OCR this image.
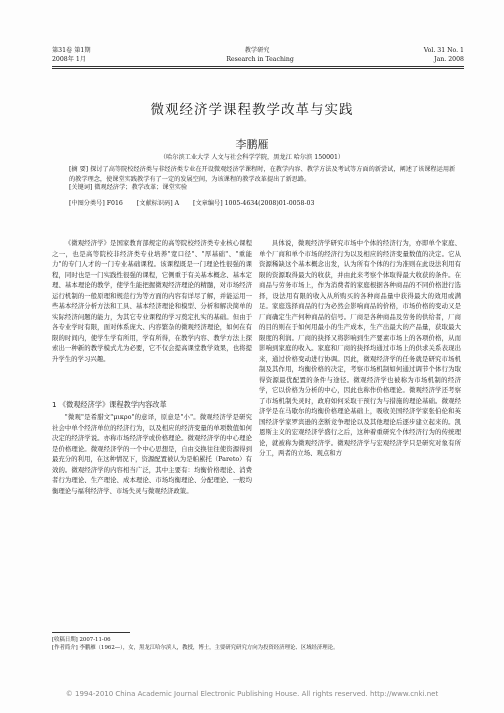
第31卷 第1期	教学研究	Vol. 31 No. 1
2008年 1月	Research in Teaching	Jan. 2008
微观经济学课程教学改革与实践
李鹏雁
（哈尔滨工业大学 人文与社会科学学院，黑龙江 哈尔滨 150001）
[摘 要] 探讨了高等院校经济类与非经济类专业在开设微观经济学课程时，在教学内容、教学方法及考试等方面的新尝试，阐述了该课程运用新的教学理念，使课堂实践教学有了一定的发展空间，为该课程的教学改革提出了新思路。
[关键词] 微观经济学；教学改革；课堂实验
[中图分类号] F016 [文献标识码] A [文章编号] 1005-4634(2008)01-0058-03

《微观经济学》是国家教育部规定的高等院校经济类专业核心课程之一，也是高等院校非经济类专业培养"宽口径"、"厚基础"、"重能力"的专门人才的一门专业基础课程。该课程既是一门理论性很强的课程，同时也是一门实践性很强的课程，它侧重于有关基本概念、基本定理、基本理论的教学，使学生能把握微观经济理论的精髓，对市场经济运行机制的一般原理和规范行为等方面的内容有详尽了解，并能运用一些基本经济分析方法和工具、基本经济理论和模型、分析和解决简单的实际经济问题的能力，为其它专业课程的学习奠定扎实的基础。但由于各专业学时有限，面对体系庞大、内容繁杂的微观经济理论，如何在有限的时间内，使学生学有所用，学有所得，在教学内容、教学方法上探索出一种新的教学模式尤为必要，它不仅会提高课堂教学效果，也将提升学生的学习兴趣。

1 《微观经济学》课程教学内容改革

"微观"是希腊文"μικρο"的意译，原意是"小"。微观经济学是研究社会中单个经济单位的经济行为，以及相应的经济变量的单项数值如何决定的经济学说。亦称市场经济学或价格理论。微观经济学的中心理论是价格理论。微观经济学的一个中心思想是，自由交换往往使资源得到最充分的利用，在这种情况下，资源配置被认为是帕累托（Pareto）有效的。微观经济学的内容相当广泛，其中主要有：均衡价格理论、消费者行为理论、生产理论、成本理论、市场均衡理论、分配理论、一般均衡理论与福利经济学、市场失灵与微观经济政策。

具体说，微观经济学研究市场中个体的经济行为，亦即单个家庭、单个厂商和单个市场的经济行为以及相应的经济变量数值的决定。它从资源稀缺这个基本概念出发，认为所有个体的行为准则在此设法利用有限的资源取得最大的收获，并由此来考察个体取得最大收获的条件。在商品与劳务市场上，作为消费者的家庭根据各种商品的不同价格进行选择，设法用有限的收入从所购买的各种商品量中获得最大的效用或满足。家庭选择商品的行为必然会影响商品的价格，市场价格的变动又是厂商确定生产何种商品的信号。厂商是各种商品及劳务的供给者，厂商的目的则在于如何用最小的生产成本，生产出最大的产品量，获取最大限度的利润。厂商的抉择又将影响到生产要素市场上的各项价格，从而影响到家庭的收入。家庭和厂商的抉择均通过市场上的供求关系表现出来，通过价格变动进行协调。因此，微观经济学的任务就是研究市场机制及其作用，均衡价格的决定，考察市场机制如何通过调节个体行为取得资源最优配置的条件与途径。微观经济学也被称为市场机制的经济学，它以价格为分析的中心，因此也称作价格理论。微观经济学还考察了市场机制失灵时，政府如何采取干预行为与措施的理论基础。微观经济学是在马歇尔的均衡价格理论基础上，吸收美国经济学家张伯伦和英国经济学家罗宾逊的垄断竞争理论以及其他理论后逐步建立起来的。凯恩斯主义的宏观经济学盛行之后，这种着重研究个体经济行为的传统理论，就被称为微观经济学。微观经济学与宏观经济学只是研究对象有所分工，两者的立场、观点和方

[收稿日期] 2007-11-06
[作者简介] 李鹏雁（1962—），女，黑龙江哈尔滨人，教授，博士，主要研究研究方向为投资经济理论、区域经济理论。
© 1994-2010 China Academic Journal Electronic Publishing House. All rights reserved. http://www.cnki.net
